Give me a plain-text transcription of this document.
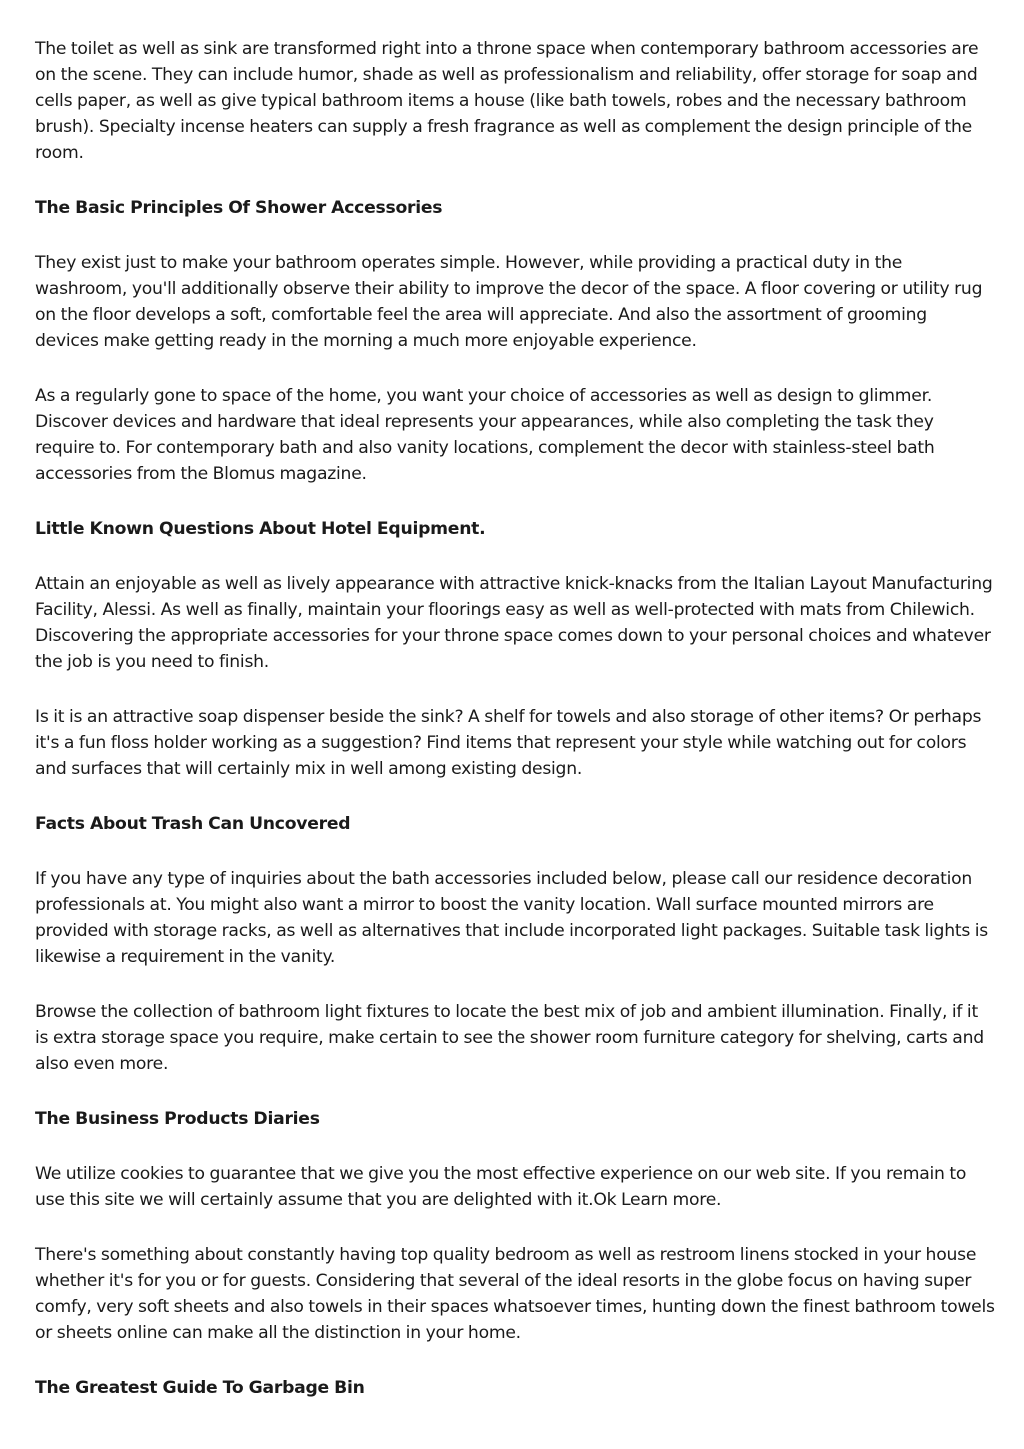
The toilet as well as sink are transformed right into a throne space when contemporary bathroom accessories are on the scene. They can include humor, shade as well as professionalism and reliability, offer storage for soap and cells paper, as well as give typical bathroom items a house (like bath towels, robes and the necessary bathroom brush). Specialty incense heaters can supply a fresh fragrance as well as complement the design principle of the room.

The Basic Principles Of Shower Accessories

They exist just to make your bathroom operates simple. However, while providing a practical duty in the washroom, you'll additionally observe their ability to improve the decor of the space. A floor covering or utility rug on the floor develops a soft, comfortable feel the area will appreciate. And also the assortment of grooming devices make getting ready in the morning a much more enjoyable experience.

As a regularly gone to space of the home, you want your choice of accessories as well as design to glimmer. Discover devices and hardware that ideal represents your appearances, while also completing the task they require to. For contemporary bath and also vanity locations, complement the decor with stainless-steel bath accessories from the Blomus magazine.

Little Known Questions About Hotel Equipment.

Attain an enjoyable as well as lively appearance with attractive knick-knacks from the Italian Layout Manufacturing Facility, Alessi. As well as finally, maintain your floorings easy as well as well-protected with mats from Chilewich. Discovering the appropriate accessories for your throne space comes down to your personal choices and whatever the job is you need to finish.

Is it is an attractive soap dispenser beside the sink? A shelf for towels and also storage of other items? Or perhaps it's a fun floss holder working as a suggestion? Find items that represent your style while watching out for colors and surfaces that will certainly mix in well among existing design.

Facts About Trash Can Uncovered

If you have any type of inquiries about the bath accessories included below, please call our residence decoration professionals at. You might also want a mirror to boost the vanity location. Wall surface mounted mirrors are provided with storage racks, as well as alternatives that include incorporated light packages. Suitable task lights is likewise a requirement in the vanity.

Browse the collection of bathroom light fixtures to locate the best mix of job and ambient illumination. Finally, if it is extra storage space you require, make certain to see the shower room furniture category for shelving, carts and also even more.

The Business Products Diaries

We utilize cookies to guarantee that we give you the most effective experience on our web site. If you remain to use this site we will certainly assume that you are delighted with it.Ok Learn more.

There's something about constantly having top quality bedroom as well as restroom linens stocked in your house whether it's for you or for guests. Considering that several of the ideal resorts in the globe focus on having super comfy, very soft sheets and also towels in their spaces whatsoever times, hunting down the finest bathroom towels or sheets online can make all the distinction in your home.

The Greatest Guide To Garbage Bin
